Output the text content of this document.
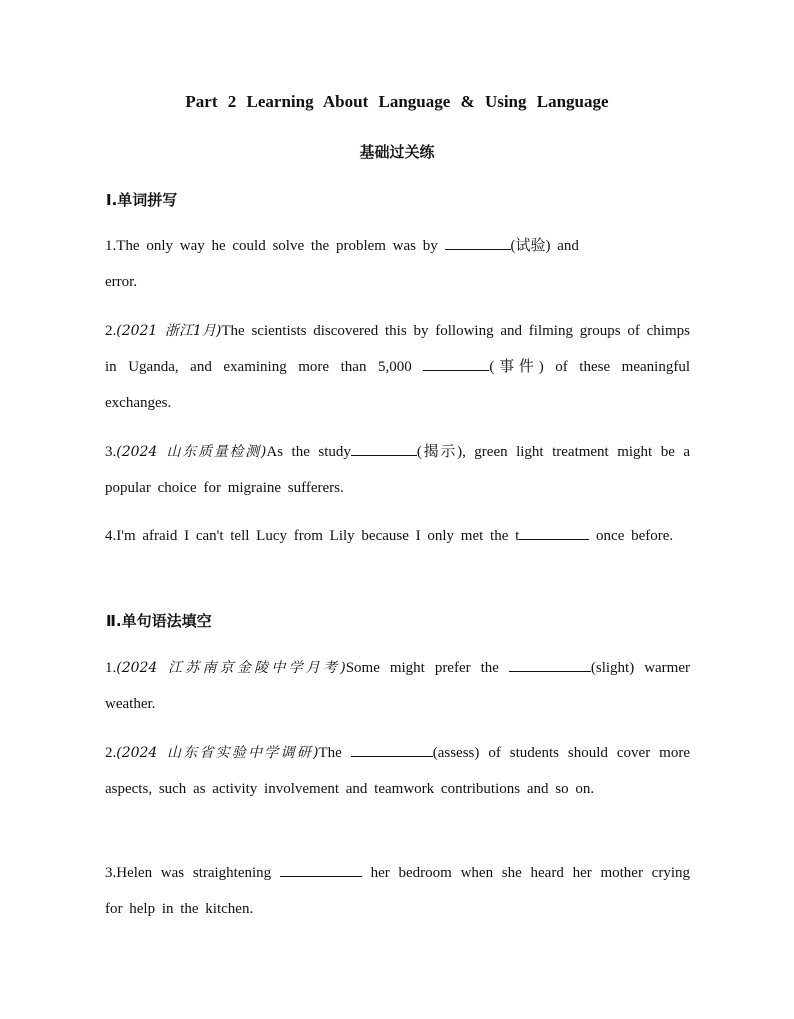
Part 2 Learning About Language & Using Language
基础过关练
Ⅰ.单词拼写
1.The only way he could solve the problem was by	(试验) and
error.
2.(2021 浙江1月)The scientists discovered this by following and filming groups of chimps in Uganda, and examining more than 5,000	(事件) of these meaningful exchanges.
3.(2024 山东质量检测)As the study	(揭示), green light treatment might be a popular choice for migraine sufferers.
4.I'm afraid I can't tell Lucy from Lily because I only met the t	once before.
Ⅱ.单句语法填空
1.(2024 江苏南京金陵中学月考)Some might prefer the	(slight) warmer weather.
2.(2024 山东省实验中学调研)The	(assess) of students should cover more aspects, such as activity involvement and teamwork contributions and so on.
3.Helen was straightening	her bedroom when she heard her mother crying for help in the kitchen.
